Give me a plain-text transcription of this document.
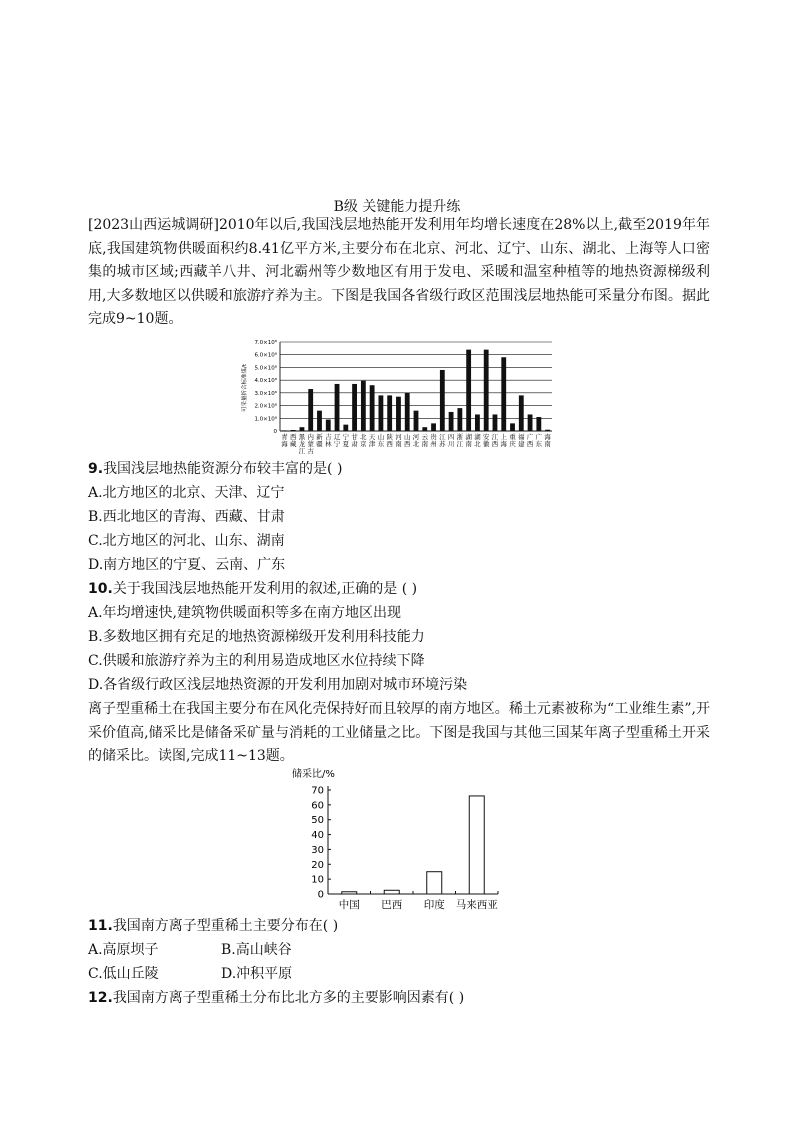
B级 关键能力提升练
[2023山西运城调研]2010年以后,我国浅层地热能开发利用年均增长速度在28%以上,截至2019年年底,我国建筑物供暖面积约8.41亿平方米,主要分布在北京、河北、辽宁、山东、湖北、上海等人口密集的城市区域;西藏羊八井、河北霸州等少数地区有用于发电、采暖和温室种植等的地热资源梯级利用,大多数地区以供暖和旅游疗养为主。下图是我国各省级行政区范围浅层地热能可采量分布图。据此完成9~10题。
可采量折合标准煤/t
0
1.0×10⁸
2.0×10⁸
3.0×10⁸
4.0×10⁸
5.0×10⁸
6.0×10⁸
7.0×10⁸
青海
西藏
黑龙江
内蒙古
新疆
吉林
辽宁
宁夏
甘肃
北京
天津
山东
陕西
河南
山西
河北
云南
贵州
江苏
四川
浙江
湖南
湖北
安徽
江西
上海
重庆
福建
广西
广东
海南
9.我国浅层地热能资源分布较丰富的是( )
A.北方地区的北京、天津、辽宁
B.西北地区的青海、西藏、甘肃
C.北方地区的河北、山东、湖南
D.南方地区的宁夏、云南、广东
10.关于我国浅层地热能开发利用的叙述,正确的是 ( )
A.年均增速快,建筑物供暖面积等多在南方地区出现
B.多数地区拥有充足的地热资源梯级开发利用科技能力
C.供暖和旅游疗养为主的利用易造成地区水位持续下降
D.各省级行政区浅层地热资源的开发利用加剧对城市环境污染
离子型重稀土在我国主要分布在风化壳保持好而且较厚的南方地区。稀土元素被称为“工业维生素”,开采价值高,储采比是储备采矿量与消耗的工业储量之比。下图是我国与其他三国某年离子型重稀土开采的储采比。读图,完成11~13题。
储采比/%
0
10
20
30
40
50
60
70
中国 巴西 印度 马来西亚
11.我国南方离子型重稀土主要分布在( )
A.高原坝子	B.高山峡谷
C.低山丘陵	D.冲积平原
12.我国南方离子型重稀土分布比北方多的主要影响因素有( )
